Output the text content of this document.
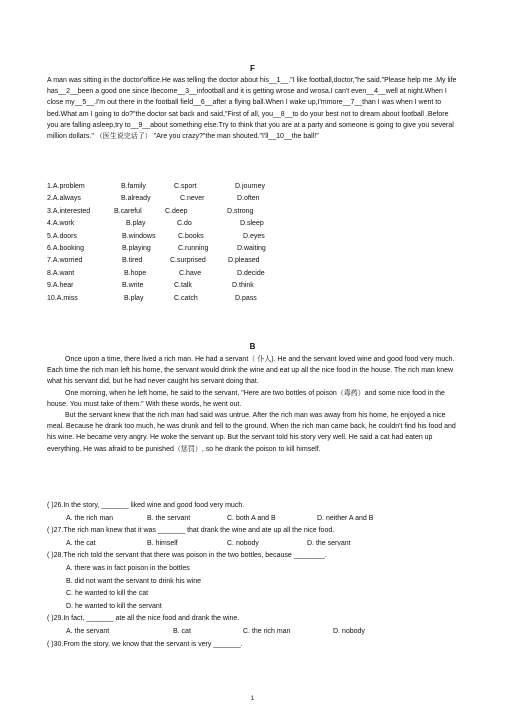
F

A man was sitting in the doctor'office.He was telling the doctor about his__1__."I like football,doctor,"he said."Please help me .My life has__2__been a good one since Ibecome__3__infootball and it is getting wrose and wrosa.I can't even__4__well at night.When I close my__5__.I'm out there in the football field__6__after a flying ball.When I wake up,I'mmore__7__than I was when I went to bed.What am I going to do?"the doctor sat back and said,"First of all, you__8__to do your best not to dream about football .Before you are falling asleep,try to__9__about something else.Try to think that you are at a party and someone is going to give you several million dollars." （医生说完话了） "Are you crazy?"the man shouted."I'll__10__the ball!"

1.A.problem	B.family	C.sport	D.journey
2.A.always	B.already	C.never	D.often
3.A.interested	B.careful	C.deep	D.strong
4.A.work	B.play	C.do	D.sleep
5.A.doors	B.windows	C.books	D.eyes
6.A.booking	B.playing	C.running	D.waiting
7.A.worried	B.tired	C.surprised	D.pleased
8.A.want	B.hope	C.have	D.decide
9.A.hear	B.write	C.talk	D.think
10.A.miss	B.play	C.catch	D.pass
B

Once upon a time, there lived a rich man. He had a servant（ 仆人). He and the servant loved wine and good food very much. Each time the rich man left his home, the servant would drink the wine and eat up all the nice food in the house. The rich man knew what his servant did, but he had never caught his servant doing that.

One morning, when he left home, he said to the servant, "Here are two bottles of poison（毒药）and some nice food in the house. You must take of them." With these words, he went out.

But the servant knew that the rich man had said was untrue. After the rich man was away from his home, he enjoyed a nice meal. Because he drank too much, he was drunk and fell to the ground. When the rich man came back, he couldn't find his food and his wine. He became very angry. He woke the servant up. But the servant told his story very well. He said a cat had eaten up everything. He was afraid to be punished（惩罚）, so he drank the poison to kill himself.

( )26.In the story, _______ liked wine and good food very much.
A. the rich man	B. the servant	C. both A and B	D. neither A and B
( )27.The rich man knew that it was _______ that drank the wine and ate up all the nice food.
A. the cat	B. himself	C. nobody	D. the servant
( )28.The rich told the servant that there was poison in the two bottles, because ________.
A. there was in fact poison in the bottles
B. did not want the servant to drink his wine
C. he wanted to kill the cat
D. he wanted to kill the servant
( )29.In fact, _______ ate all the nice food and drank the wine.
A. the servant	B. cat	C. the rich man	D. nobody
( )30.From the story, we know that the servant is very _______.
1
